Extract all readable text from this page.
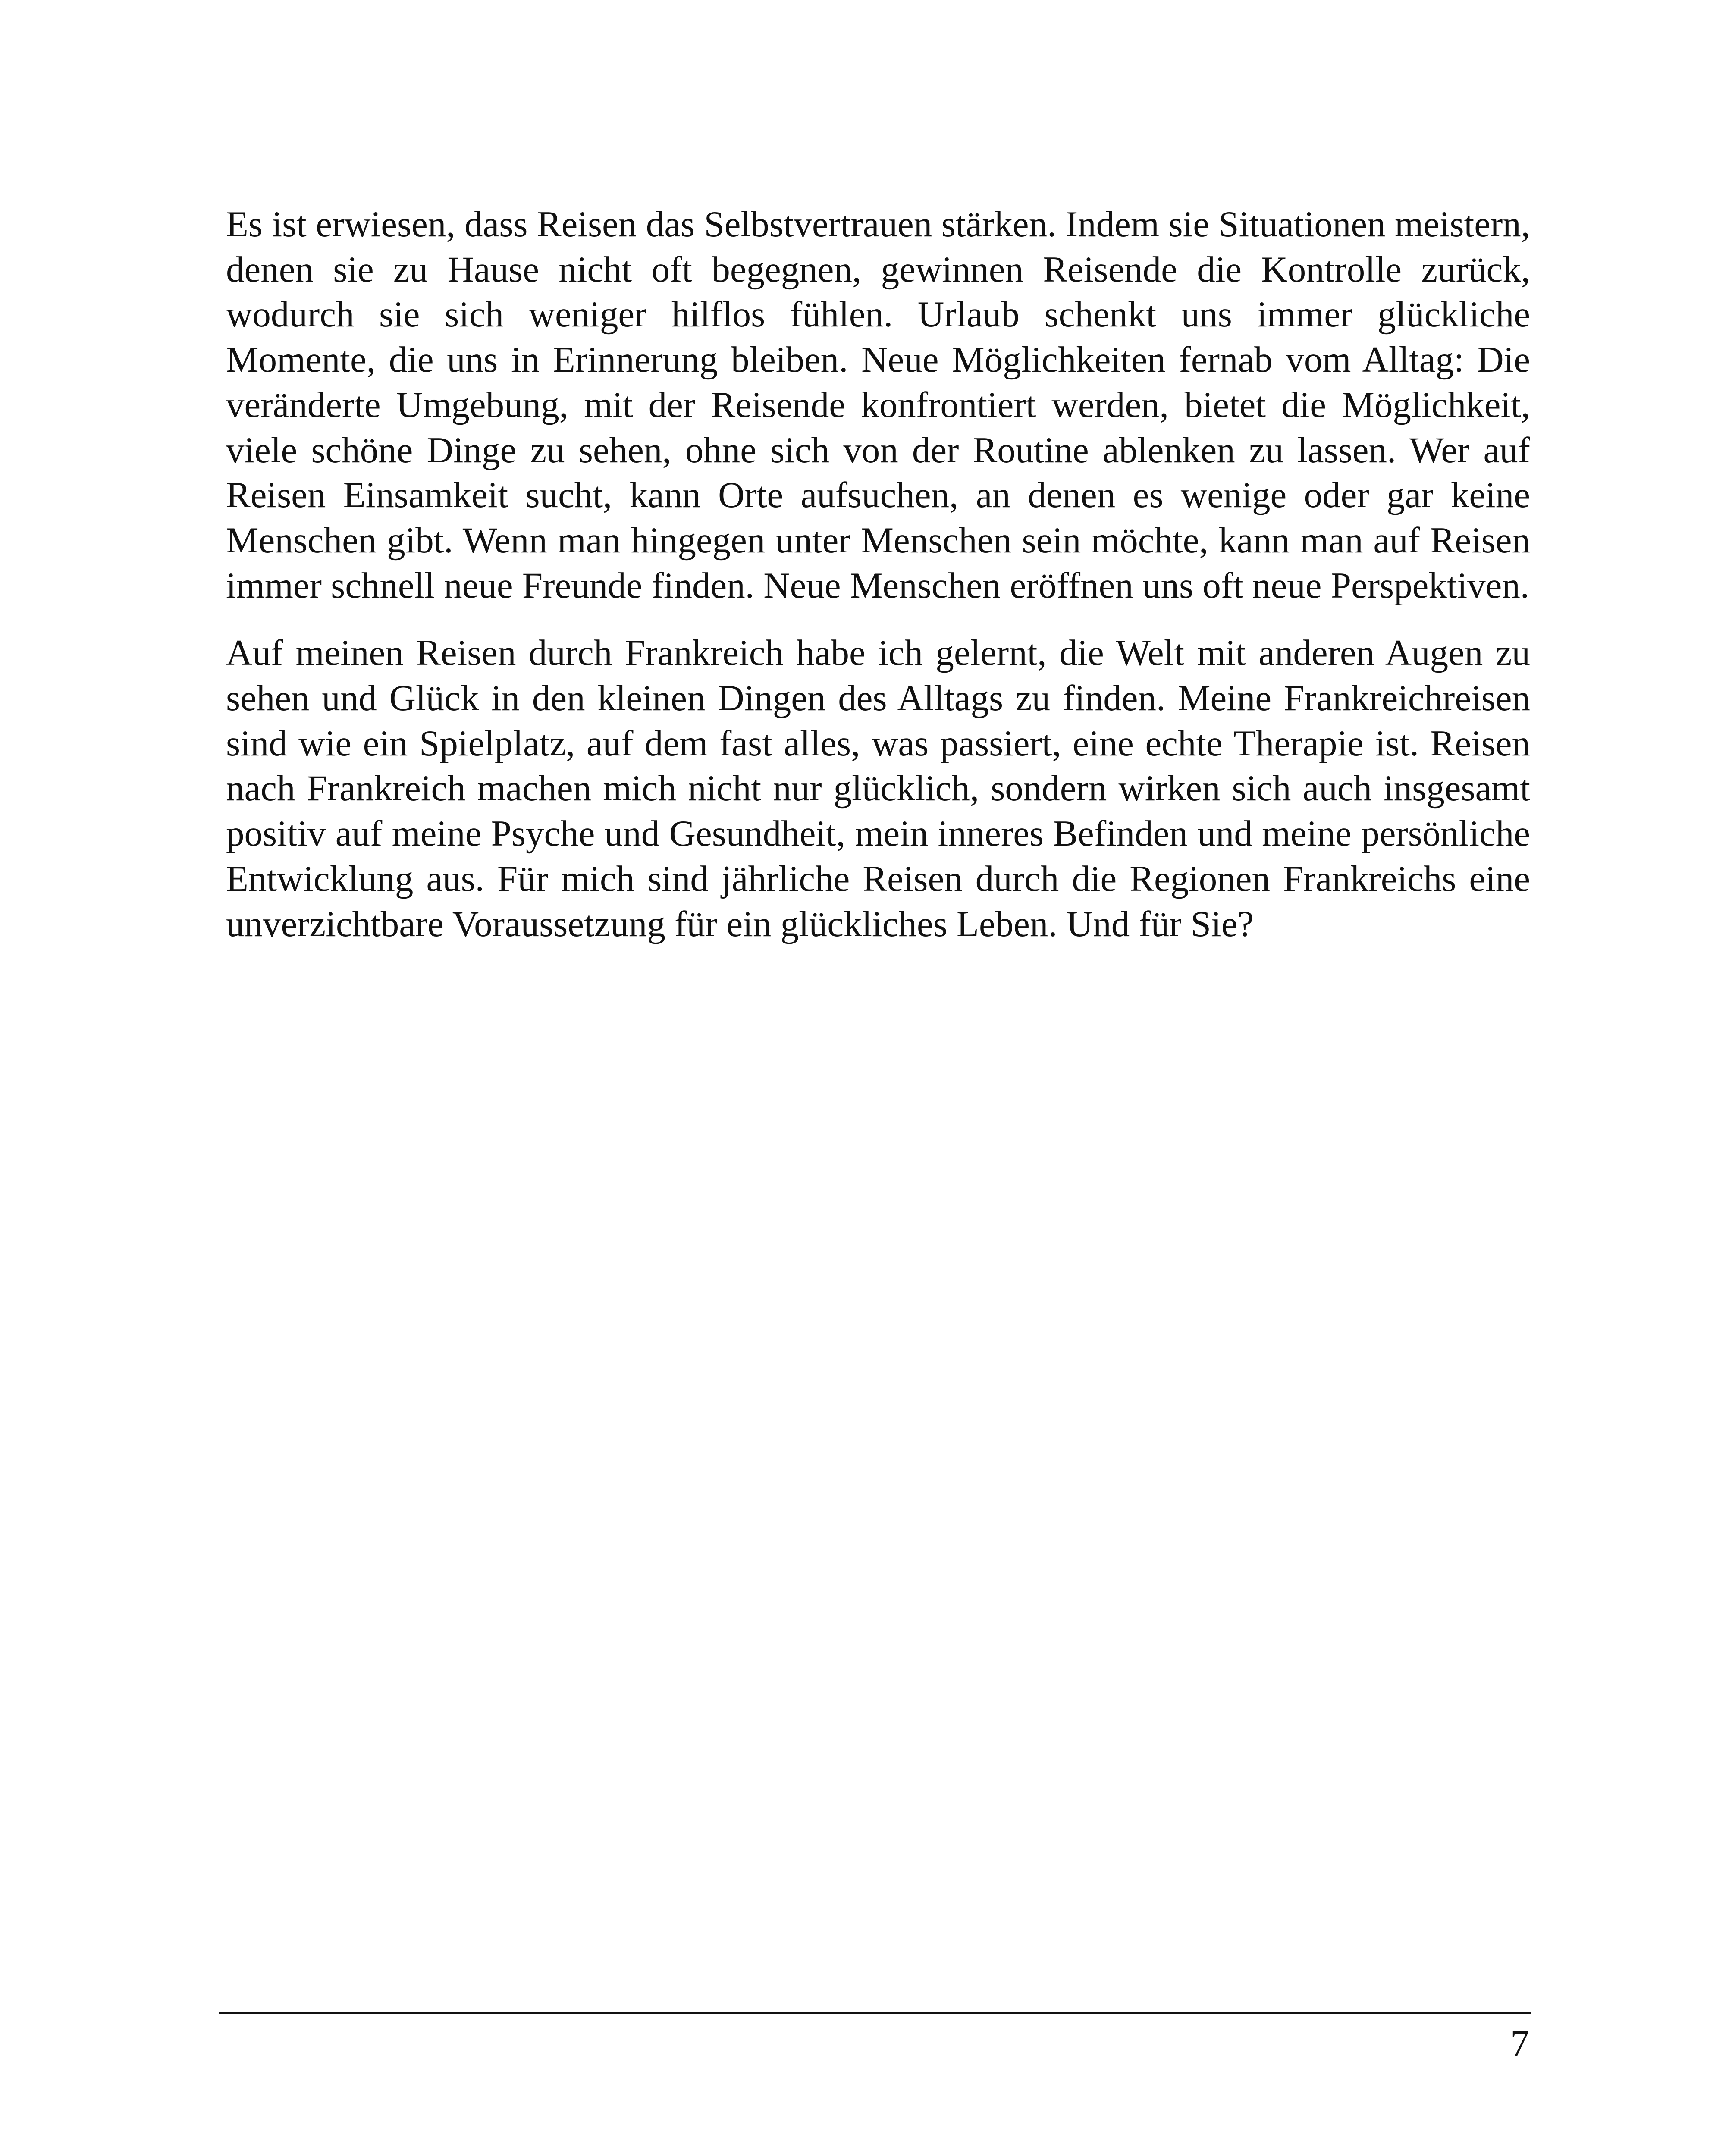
Es ist erwiesen, dass Reisen das Selbstvertrauen stärken. Indem sie Situationen meistern, denen sie zu Hause nicht oft begegnen, gewinnen Reisende die Kontrolle zurück, wodurch sie sich weniger hilflos fühlen. Urlaub schenkt uns immer glückliche Momente, die uns in Erinnerung bleiben. Neue Möglichkeiten fernab vom Alltag: Die veränderte Umgebung, mit der Reisende konfrontiert werden, bietet die Möglichkeit, viele schöne Dinge zu sehen, ohne sich von der Routine ablenken zu lassen. Wer auf Reisen Einsamkeit sucht, kann Orte aufsuchen, an denen es wenige oder gar keine Menschen gibt. Wenn man hingegen unter Menschen sein möchte, kann man auf Reisen immer schnell neue Freunde finden. Neue Menschen eröffnen uns oft neue Perspektiven.

Auf meinen Reisen durch Frankreich habe ich gelernt, die Welt mit anderen Augen zu sehen und Glück in den kleinen Dingen des Alltags zu finden. Meine Frankreichreisen sind wie ein Spielplatz, auf dem fast alles, was passiert, eine echte Therapie ist. Reisen nach Frankreich machen mich nicht nur glücklich, sondern wirken sich auch insgesamt positiv auf meine Psyche und Gesundheit, mein inneres Befinden und meine persönliche Entwicklung aus. Für mich sind jährliche Reisen durch die Regionen Frankreichs eine unverzichtbare Voraussetzung für ein glückliches Leben. Und für Sie?

7
